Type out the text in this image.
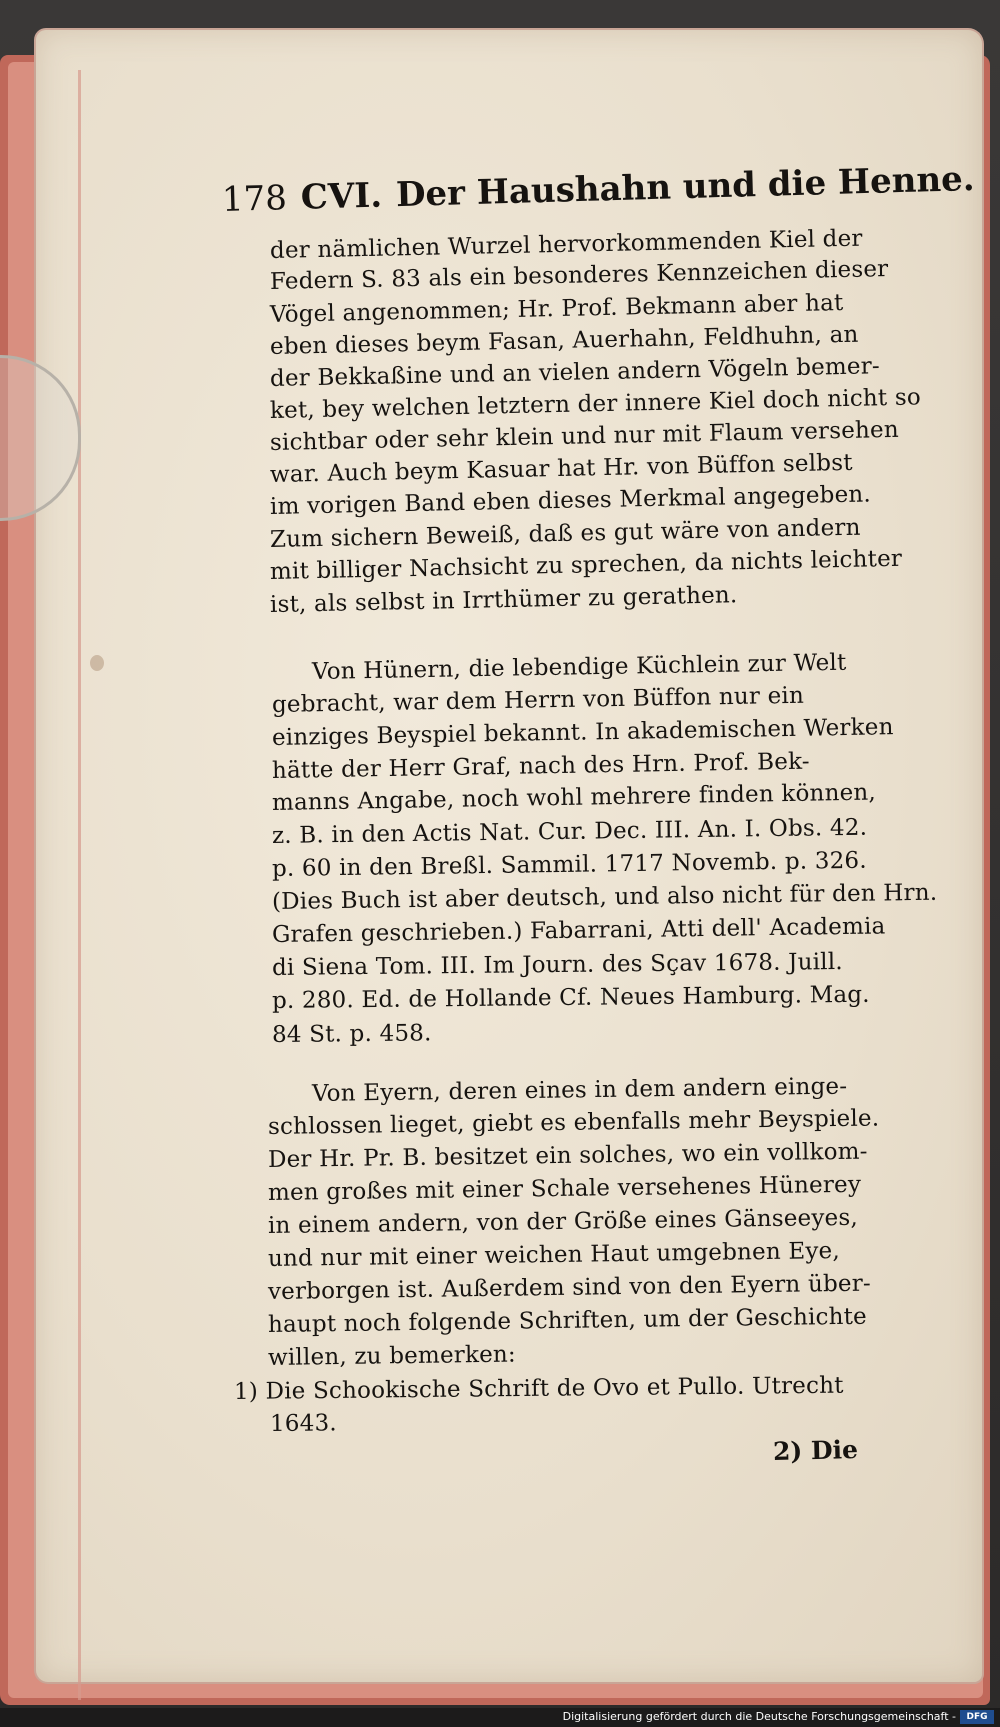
178 CVI. Der Haushahn und die Henne.
der nämlichen Wurzel hervorkommenden Kiel der
Federn S. 83 als ein besonderes Kennzeichen dieser
Vögel angenommen; Hr. Prof. Bekmann aber hat
eben dieses beym Fasan, Auerhahn, Feldhuhn, an
der Bekkaßine und an vielen andern Vögeln bemer-
ket, bey welchen letztern der innere Kiel doch nicht so
sichtbar oder sehr klein und nur mit Flaum versehen
war. Auch beym Kasuar hat Hr. von Büffon selbst
im vorigen Band eben dieses Merkmal angegeben.
Zum sichern Beweiß, daß es gut wäre von andern
mit billiger Nachsicht zu sprechen, da nichts leichter
ist, als selbst in Irrthümer zu gerathen.
Von Hünern, die lebendige Küchlein zur Welt
gebracht, war dem Herrn von Büffon nur ein
einziges Beyspiel bekannt. In akademischen Werken
hätte der Herr Graf, nach des Hrn. Prof. Bek-
manns Angabe, noch wohl mehrere finden können,
z. B. in den Actis Nat. Cur. Dec. III. An. I. Obs. 42.
p. 60 in den Breßl. Sammil. 1717 Novemb. p. 326.
(Dies Buch ist aber deutsch, und also nicht für den Hrn.
Grafen geschrieben.) Fabarrani, Atti dell' Academia
di Siena Tom. III. Im Journ. des Sçav 1678. Juill.
p. 280. Ed. de Hollande Cf. Neues Hamburg. Mag.
84 St. p. 458.
Von Eyern, deren eines in dem andern einge-
schlossen lieget, giebt es ebenfalls mehr Beyspiele.
Der Hr. Pr. B. besitzet ein solches, wo ein vollkom-
men großes mit einer Schale versehenes Hünerey
in einem andern, von der Größe eines Gänseeyes,
und nur mit einer weichen Haut umgebnen Eye,
verborgen ist. Außerdem sind von den Eyern über-
haupt noch folgende Schriften, um der Geschichte
willen, zu bemerken:
1) Die Schookische Schrift de Ovo et Pullo. Utrecht
1643.
2) Die
Digitalisierung gefördert durch die Deutsche Forschungsgemeinschaft -	DFG
